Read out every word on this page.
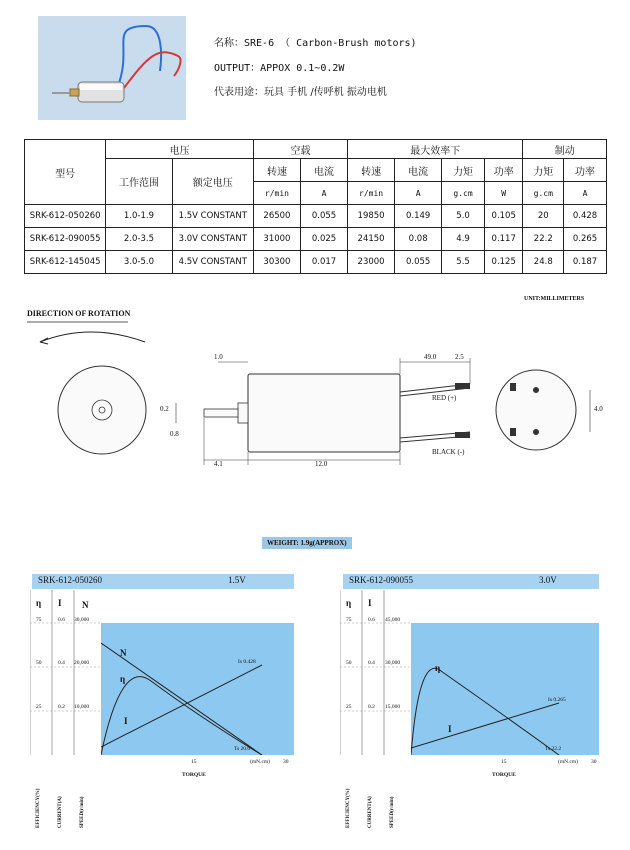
名称：SRE-6 （ Carbon-Brush motors)
OUTPUT：APPOX 0.1~0.2W
代表用途：玩具 手机 /传呼机 振动电机
型号	电压		空载		最大效率下				制动	
	工作范围	额定电压	转速	电流	转速	电流	力矩	功率	力矩	功率
			r/min	A	r/min	A	g.cm	W	g.cm	A
SRK-612-050260	1.0-1.9	1.5V CONSTANT	26500	0.055	19850	0.149	5.0	0.105	20	0.428
SRK-612-090055	2.0-3.5	3.0V CONSTANT	31000	0.025	24150	0.08	4.9	0.117	22.2	0.265
SRK-612-145045	3.0-5.0	4.5V CONSTANT	30300	0.017	23000	0.055	5.5	0.125	24.8	0.187
DIRECTION OF ROTATION
UNIT:MILLIMETERS
1.0	49.0	2.5
4.0
0.2
0.8
4.1	12.0
RED (+)
BLACK (-)
WEIGHT: 1.9g(APPROX)
SRK-612-050260	1.5V
η I N
75
50
25
0.6
0.4
0.2
30,000
20,000
10,000
N
η
I
Is 0.428
Ts 20.0
15	30
(mN.cm)
TORQUE
EFFICIENCY(%)	CURRENT(A)	SPEED(r/min)
SRK-612-090055	3.0V
η I
75
50
25
0.6
0.4
0.2
45,000
30,000
15,000
η
I
Is 0.265
Ts 22.2
15	30
(mN.cm)
TORQUE
EFFICIENCY(%)	CURRENT(A)	SPEED(r/min)
